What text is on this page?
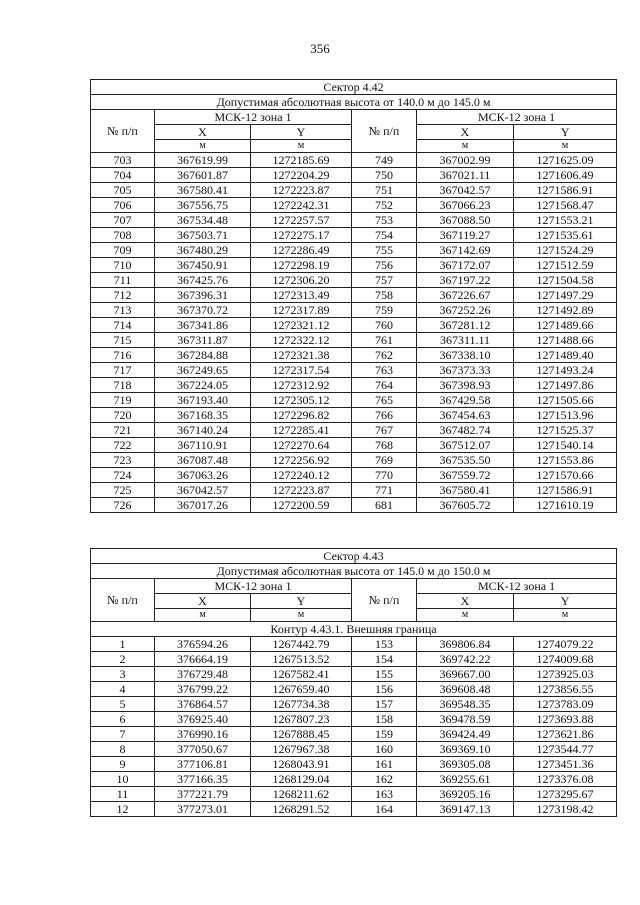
356
Сектор 4.42					
Допустимая абсолютная высота от 140.0 м до 145.0 м					
№ п/п	МСК-12 зона 1		№ п/п	МСК-12 зона 1	
	X	Y		X	Y
	м	м		м	м
703	367619.99	1272185.69	749	367002.99	1271625.09
704	367601.87	1272204.29	750	367021.11	1271606.49
705	367580.41	1272223.87	751	367042.57	1271586.91
706	367556.75	1272242.31	752	367066.23	1271568.47
707	367534.48	1272257.57	753	367088.50	1271553.21
708	367503.71	1272275.17	754	367119.27	1271535.61
709	367480.29	1272286.49	755	367142.69	1271524.29
710	367450.91	1272298.19	756	367172.07	1271512.59
711	367425.76	1272306.20	757	367197.22	1271504.58
712	367396.31	1272313.49	758	367226.67	1271497.29
713	367370.72	1272317.89	759	367252.26	1271492.89
714	367341.86	1272321.12	760	367281.12	1271489.66
715	367311.87	1272322.12	761	367311.11	1271488.66
716	367284.88	1272321.38	762	367338.10	1271489.40
717	367249.65	1272317.54	763	367373.33	1271493.24
718	367224.05	1272312.92	764	367398.93	1271497.86
719	367193.40	1272305.12	765	367429.58	1271505.66
720	367168.35	1272296.82	766	367454.63	1271513.96
721	367140.24	1272285.41	767	367482.74	1271525.37
722	367110.91	1272270.64	768	367512.07	1271540.14
723	367087.48	1272256.92	769	367535.50	1271553.86
724	367063.26	1272240.12	770	367559.72	1271570.66
725	367042.57	1272223.87	771	367580.41	1271586.91
726	367017.26	1272200.59	681	367605.72	1271610.19
Сектор 4.43					
Допустимая абсолютная высота от 145.0 м до 150.0 м					
№ п/п	МСК-12 зона 1		№ п/п	МСК-12 зона 1	
	X	Y		X	Y
	м	м		м	м
Контур 4.43.1. Внешняя граница					
1	376594.26	1267442.79	153	369806.84	1274079.22
2	376664.19	1267513.52	154	369742.22	1274009.68
3	376729.48	1267582.41	155	369667.00	1273925.03
4	376799.22	1267659.40	156	369608.48	1273856.55
5	376864.57	1267734.38	157	369548.35	1273783.09
6	376925.40	1267807.23	158	369478.59	1273693.88
7	376990.16	1267888.45	159	369424.49	1273621.86
8	377050.67	1267967.38	160	369369.10	1273544.77
9	377106.81	1268043.91	161	369305.08	1273451.36
10	377166.35	1268129.04	162	369255.61	1273376.08
11	377221.79	1268211.62	163	369205.16	1273295.67
12	377273.01	1268291.52	164	369147.13	1273198.42
